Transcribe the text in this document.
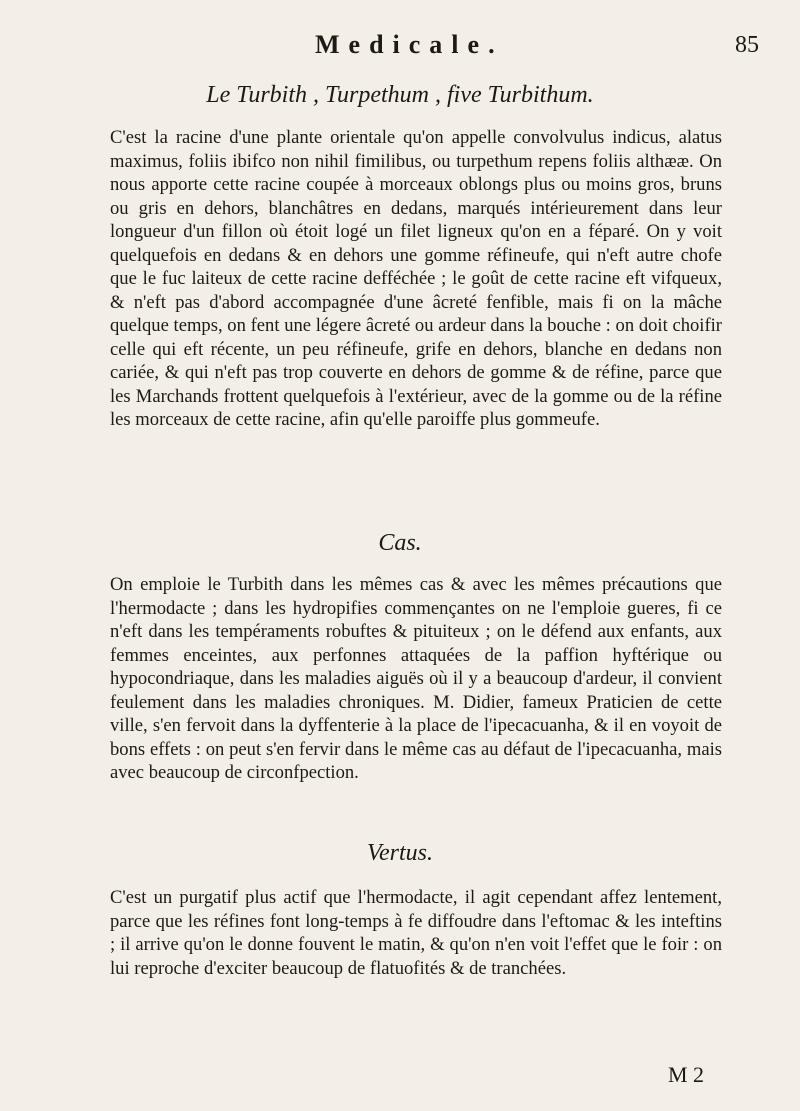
Medicale.	85
Le Turbith , Turpethum , five Turbithum.

C'est la racine d'une plante orientale qu'on appelle convolvulus indicus, alatus maximus, foliis ibifco non nihil fimilibus, ou turpethum repens foliis althææ. On nous apporte cette racine coupée à morceaux oblongs plus ou moins gros, bruns ou gris en dehors, blanchâtres en dedans, marqués intérieurement dans leur longueur d'un fillon où étoit logé un filet ligneux qu'on en a féparé. On y voit quelquefois en dedans & en dehors une gomme réfineufe, qui n'eft autre chofe que le fuc laiteux de cette racine defféchée ; le goût de cette racine eft vifqueux, & n'eft pas d'abord accompagnée d'une âcreté fenfible, mais fi on la mâche quelque temps, on fent une légere âcreté ou ardeur dans la bouche : on doit choifir celle qui eft récente, un peu réfineufe, grife en dehors, blanche en dedans non cariée, & qui n'eft pas trop couverte en dehors de gomme & de réfine, parce que les Marchands frottent quelquefois à l'extérieur, avec de la gomme ou de la réfine les morceaux de cette racine, afin qu'elle paroiffe plus gommeufe.

Cas.

On emploie le Turbith dans les mêmes cas & avec les mêmes précautions que l'hermodacte ; dans les hydropifies commençantes on ne l'emploie gueres, fi ce n'eft dans les tempéraments robuftes & pituiteux ; on le défend aux enfants, aux femmes enceintes, aux perfonnes attaquées de la paffion hyftérique ou hypocondriaque, dans les maladies aiguës où il y a beaucoup d'ardeur, il convient feulement dans les maladies chroniques. M. Didier, fameux Praticien de cette ville, s'en fervoit dans la dyffenterie à la place de l'ipecacuanha, & il en voyoit de bons effets : on peut s'en fervir dans le même cas au défaut de l'ipecacuanha, mais avec beaucoup de circonfpection.

Vertus.

C'est un purgatif plus actif que l'hermodacte, il agit cependant affez lentement, parce que les réfines font long-temps à fe diffoudre dans l'eftomac & les inteftins ; il arrive qu'on le donne fouvent le matin, & qu'on n'en voit l'effet que le foir : on lui reproche d'exciter beaucoup de flatuofités & de tranchées.

M 2
